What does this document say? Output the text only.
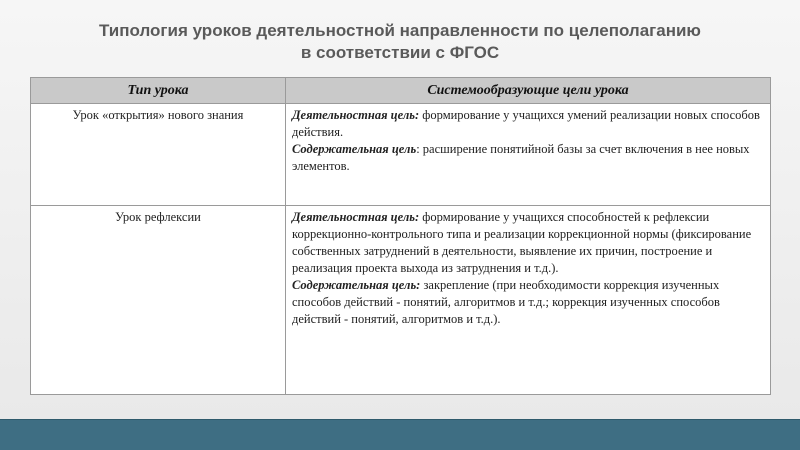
Типология уроков деятельностной направленности по целеполаганию
в соответствии с ФГОС
Тип урока	Системообразующие цели урока
Урок «открытия» нового знания	Деятельностная цель: формирование у учащихся умений реализации новых способов действия.
Содержательная цель: расширение понятийной базы за счет включения в нее новых элементов.

Урок рефлексии	Деятельностная цель: формирование у учащихся способностей к рефлексии коррекционно-контрольного типа и реализации коррекционной нормы (фиксирование собственных затруднений в деятельности, выявление их причин, построение и реализация проекта выхода из затруднения и т.д.).
Содержательная цель: закрепление (при необходимости коррекция изученных способов действий - понятий, алгоритмов и т.д.; коррекция изученных способов действий - понятий, алгоритмов и т.д.).
